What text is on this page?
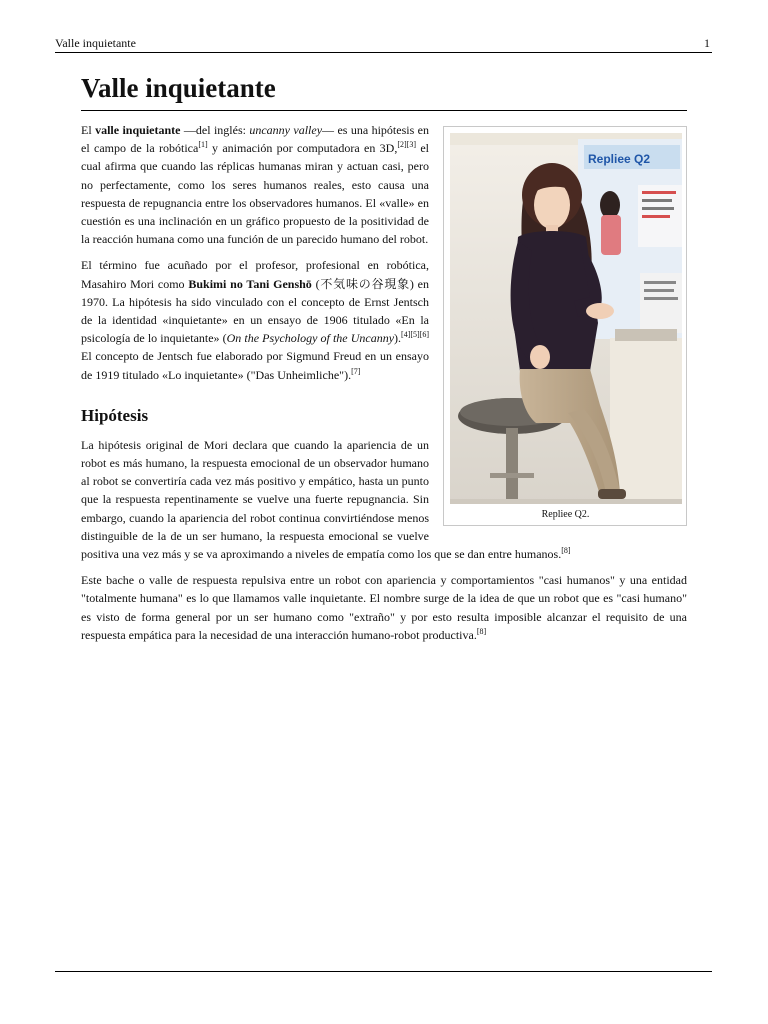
Valle inquietante	1
Valle inquietante
Repliee Q2
Repliee Q2.

El valle inquietante —del inglés: uncanny valley— es una hipótesis en el campo de la robótica[1] y animación por computadora en 3D,[2][3] el cual afirma que cuando las réplicas humanas miran y actuan casi, pero no perfectamente, como los seres humanos reales, esto causa una respuesta de repugnancia entre los observadores humanos. El «valle» en cuestión es una inclinación en un gráfico propuesto de la positividad de la reacción humana como una función de un parecido humano del robot.

El término fue acuñado por el profesor, profesional en robótica, Masahiro Mori como Bukimi no Tani Genshō (不気味の谷現象) en 1970. La hipótesis ha sido vinculado con el concepto de Ernst Jentsch de la identidad «inquietante» en un ensayo de 1906 titulado «En la psicología de lo inquietante» (On the Psychology of the Uncanny).[4][5][6] El concepto de Jentsch fue elaborado por Sigmund Freud en un ensayo de 1919 titulado «Lo inquietante» ("Das Unheimliche").[7]

Hipótesis

La hipótesis original de Mori declara que cuando la apariencia de un robot es más humano, la respuesta emocional de un observador humano al robot se convertiría cada vez más positivo y empático, hasta un punto que la respuesta repentinamente se vuelve una fuerte repugnancia. Sin embargo, cuando la apariencia del robot continua convirtiéndose menos distinguible de la de un ser humano, la respuesta emocional se vuelve positiva una vez más y se va aproximando a niveles de empatía como los que se dan entre humanos.[8]

Este bache o valle de respuesta repulsiva entre un robot con apariencia y comportamientos "casi humanos" y una entidad "totalmente humana" es lo que llamamos valle inquietante. El nombre surge de la idea de que un robot que es "casi humano" es visto de forma general por un ser humano como "extraño" y por esto resulta imposible alcanzar el requisito de una respuesta empática para la necesidad de una interacción humano-robot productiva.[8]
